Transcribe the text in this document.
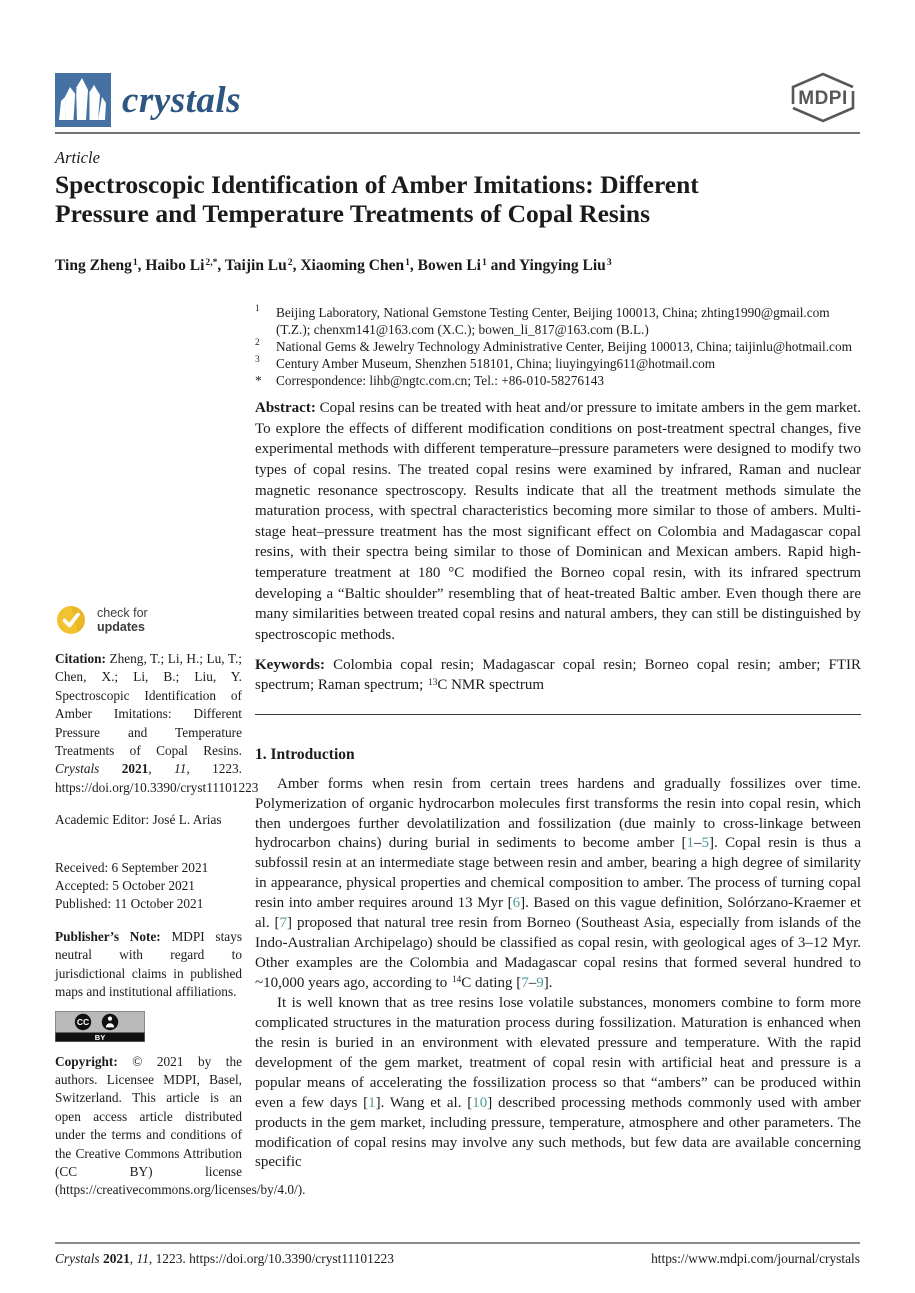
crystals	MDPI
Article
Spectroscopic Identification of Amber Imitations: Different
Pressure and Temperature Treatments of Copal Resins
Ting Zheng$^1$, Haibo $Li^{2,*}$, Taijin Lu$^2$, Xiaoming Chen$^1$, Bowen Li$^1$ and Yingying Liu$^3$
1	Beijing Laboratory, National Gemstone Testing Center, Beijing 100013, China; zhting1990@gmail.com (T.Z.); chenxm141@163.com (X.C.); bowen_li_817@163.com (B.L.)
2	National Gems & Jewelry Technology Administrative Center, Beijing 100013, China; taijinlu@hotmail.com
3	Century Amber Museum, Shenzhen 518101, China; liuyingying611@hotmail.com
*	Correspondence: lihb@ngtc.com.cn; Tel.: +86-010-58276143

Abstract: Copal resins can be treated with heat and/or pressure to imitate ambers in the gem market. To explore the effects of different modification conditions on post-treatment spectral changes, five experimental methods with different temperature–pressure parameters were designed to modify two types of copal resins. The treated copal resins were examined by infrared, Raman and nuclear magnetic resonance spectroscopy. Results indicate that all the treatment methods simulate the maturation process, with spectral characteristics becoming more similar to those of ambers. Multi-stage heat–pressure treatment has the most significant effect on Colombia and Madagascar copal resins, with their spectra being similar to those of Dominican and Mexican ambers. Rapid high-temperature treatment at 180 °C modified the Borneo copal resin, with its infrared spectrum developing a “Baltic shoulder” resembling that of heat-treated Baltic amber. Even though there are many similarities between treated copal resins and natural ambers, they can still be distinguished by spectroscopic methods.

Keywords: Colombia copal resin; Madagascar copal resin; Borneo copal resin; amber; FTIR spectrum; Raman spectrum; $^{13}$C NMR spectrum

1. Introduction

Amber forms when resin from certain trees hardens and gradually fossilizes over time. Polymerization of organic hydrocarbon molecules first transforms the resin into copal resin, which then undergoes further devolatilization and fossilization (due mainly to cross-linkage between hydrocarbon chains) during burial in sediments to become amber [1–5]. Copal resin is thus a subfossil resin at an intermediate stage between resin and amber, bearing a high degree of similarity in appearance, physical properties and chemical composition to amber. The process of turning copal resin into amber requires around 13 Myr [6]. Based on this vague definition, Solórzano-Kraemer et al. [7] proposed that natural tree resin from Borneo (Southeast Asia, especially from islands of the Indo-Australian Archipelago) should be classified as copal resin, with geological ages of 3–12 Myr. Other examples are the Colombia and Madagascar copal resins that formed several hundred to ~10,000 years ago, according to $^{14}$C dating [7–9].

It is well known that as tree resins lose volatile substances, monomers combine to form more complicated structures in the maturation process during fossilization. Maturation is enhanced when the resin is buried in an environment with elevated pressure and temperature. With the rapid development of the gem market, treatment of copal resin with artificial heat and pressure is a popular means of accelerating the fossilization process so that “ambers” can be produced within even a few days [1]. Wang et al. [10] described processing methods commonly used with amber products in the gem market, including pressure, temperature, atmosphere and other parameters. The modification of copal resins may involve any such methods, but few data are available concerning specific

check for
updates

Citation: Zheng, T.; Li, H.; Lu, T.; Chen, X.; Li, B.; Liu, Y. Spectroscopic Identification of Amber Imitations: Different Pressure and Temperature Treatments of Copal Resins. Crystals 2021, 11, 1223. https://doi.org/10.3390/cryst11101223

Academic Editor: José L. Arias
Received: 6 September 2021
Accepted: 5 October 2021
Published: 11 October 2021

Publisher’s Note: MDPI stays neutral with regard to jurisdictional claims in published maps and institutional affiliations.

CC
BY

Copyright: © 2021 by the authors. Licensee MDPI, Basel, Switzerland. This article is an open access article distributed under the terms and conditions of the Creative Commons Attribution (CC BY) license (https://creativecommons.org/licenses/by/4.0/).

Crystals 2021, 11, 1223. https://doi.org/10.3390/cryst11101223	https://www.mdpi.com/journal/crystals
